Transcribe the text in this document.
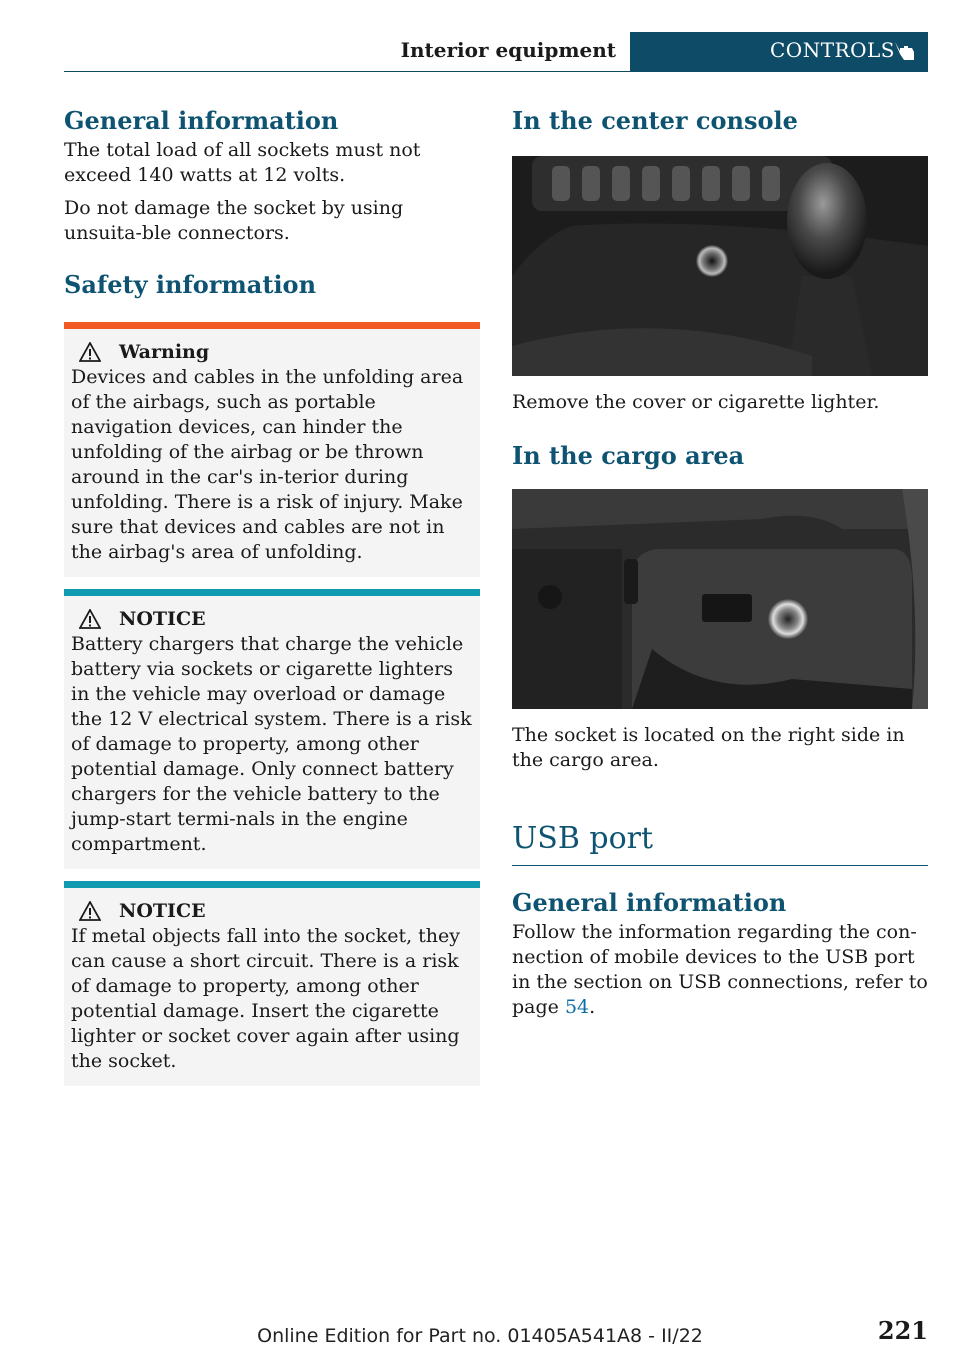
Interior equipment	CONTROLS
General information

The total load of all sockets must not exceed 140 watts at 12 volts.

Do not damage the socket by using unsuita‐ble connectors.

Safety information
Warning

Devices and cables in the unfolding area of the airbags, such as portable navigation devices, can hinder the unfolding of the airbag or be thrown around in the car's in‐terior during unfolding. There is a risk of injury. Make sure that devices and cables are not in the airbag's area of unfolding.

NOTICE

Battery chargers that charge the vehicle battery via sockets or cigarette lighters in the vehicle may overload or damage the 12 V electrical system. There is a risk of damage to property, among other potential damage. Only connect battery chargers for the vehicle battery to the jump-start termi‐nals in the engine compartment.

NOTICE

If metal objects fall into the socket, they can cause a short circuit. There is a risk of damage to property, among other potential damage. Insert the cigarette lighter or socket cover again after using the socket.

In the center console

Remove the cover or cigarette lighter.

In the cargo area

The socket is located on the right side in the cargo area.

USB port
General information

Follow the information regarding the con‐nection of mobile devices to the USB port in the section on USB connections, refer to page 54.

221
Online Edition for Part no. 01405A541A8 - II/22
